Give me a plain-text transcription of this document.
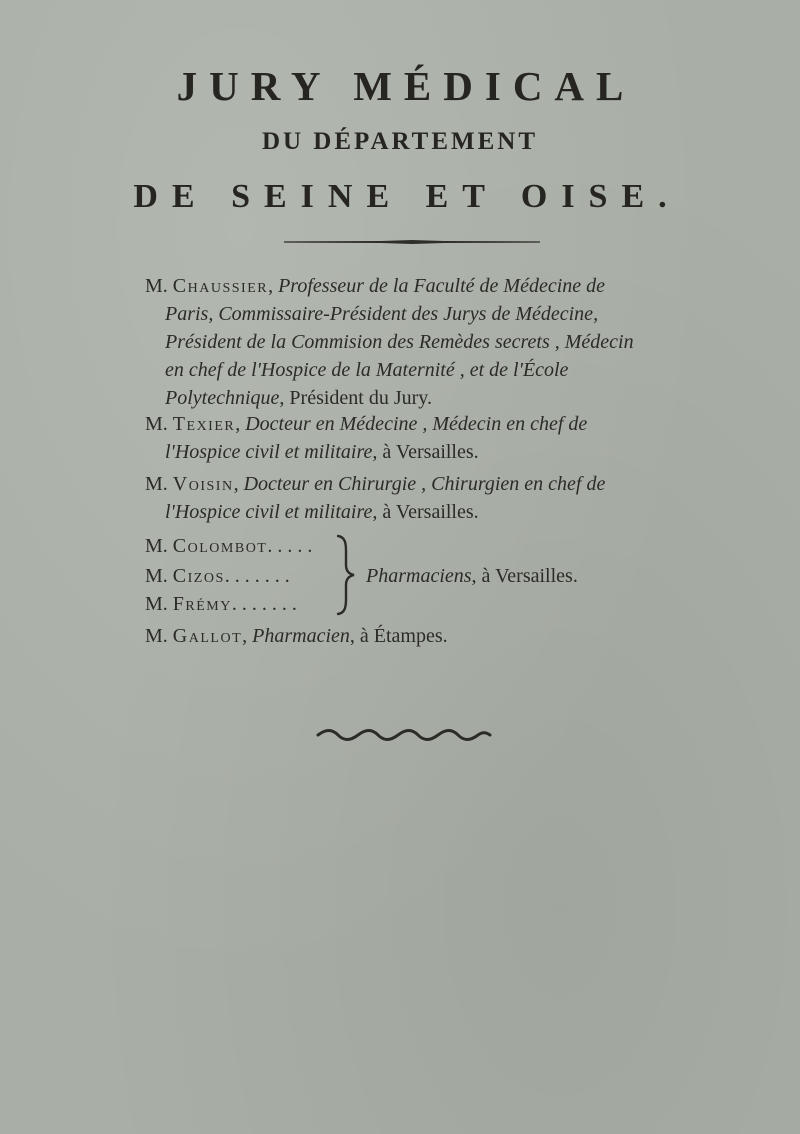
JURY MÉDICAL
DU DÉPARTEMENT
DE SEINE ET OISE.
M. Chaussier, Professeur de la Faculté de Médecine de
Paris, Commissaire-Président des Jurys de Médecine,
Président de la Commision des Remèdes secrets , Médecin
en chef de l'Hospice de la Maternité , et de l'École
Polytechnique, Président du Jury.
M. Texier, Docteur en Médecine , Médecin en chef de
l'Hospice civil et militaire, à Versailles.
M. Voisin, Docteur en Chirurgie , Chirurgien en chef de
l'Hospice civil et militaire, à Versailles.
M. Colombot. . . . .
M. Cizos. . . . . . .
M. Frémy. . . . . . .
Pharmaciens, à Versailles.
M. Gallot, Pharmacien, à Étampes.
